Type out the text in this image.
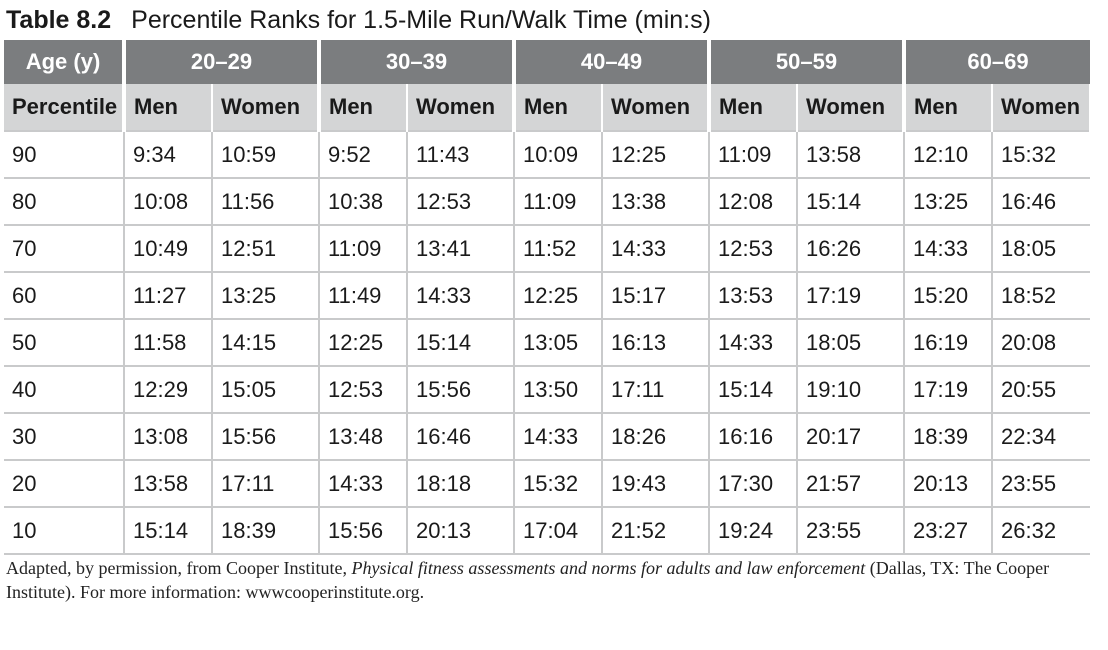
Table 8.2 Percentile Ranks for 1.5-Mile Run/Walk Time (min:s)
Age (y)	20–29		30–39		40–49		50–59		60–69	
Percentile	Men	Women	Men	Women	Men	Women	Men	Women	Men	Women
90	9:34	10:59	9:52	11:43	10:09	12:25	11:09	13:58	12:10	15:32
80	10:08	11:56	10:38	12:53	11:09	13:38	12:08	15:14	13:25	16:46
70	10:49	12:51	11:09	13:41	11:52	14:33	12:53	16:26	14:33	18:05
60	11:27	13:25	11:49	14:33	12:25	15:17	13:53	17:19	15:20	18:52
50	11:58	14:15	12:25	15:14	13:05	16:13	14:33	18:05	16:19	20:08
40	12:29	15:05	12:53	15:56	13:50	17:11	15:14	19:10	17:19	20:55
30	13:08	15:56	13:48	16:46	14:33	18:26	16:16	20:17	18:39	22:34
20	13:58	17:11	14:33	18:18	15:32	19:43	17:30	21:57	20:13	23:55
10	15:14	18:39	15:56	20:13	17:04	21:52	19:24	23:55	23:27	26:32
Adapted, by permission, from Cooper Institute, Physical fitness assessments and norms for adults and law enforcement (Dallas, TX: The Cooper Institute). For more information: wwwcooperinstitute.org.
